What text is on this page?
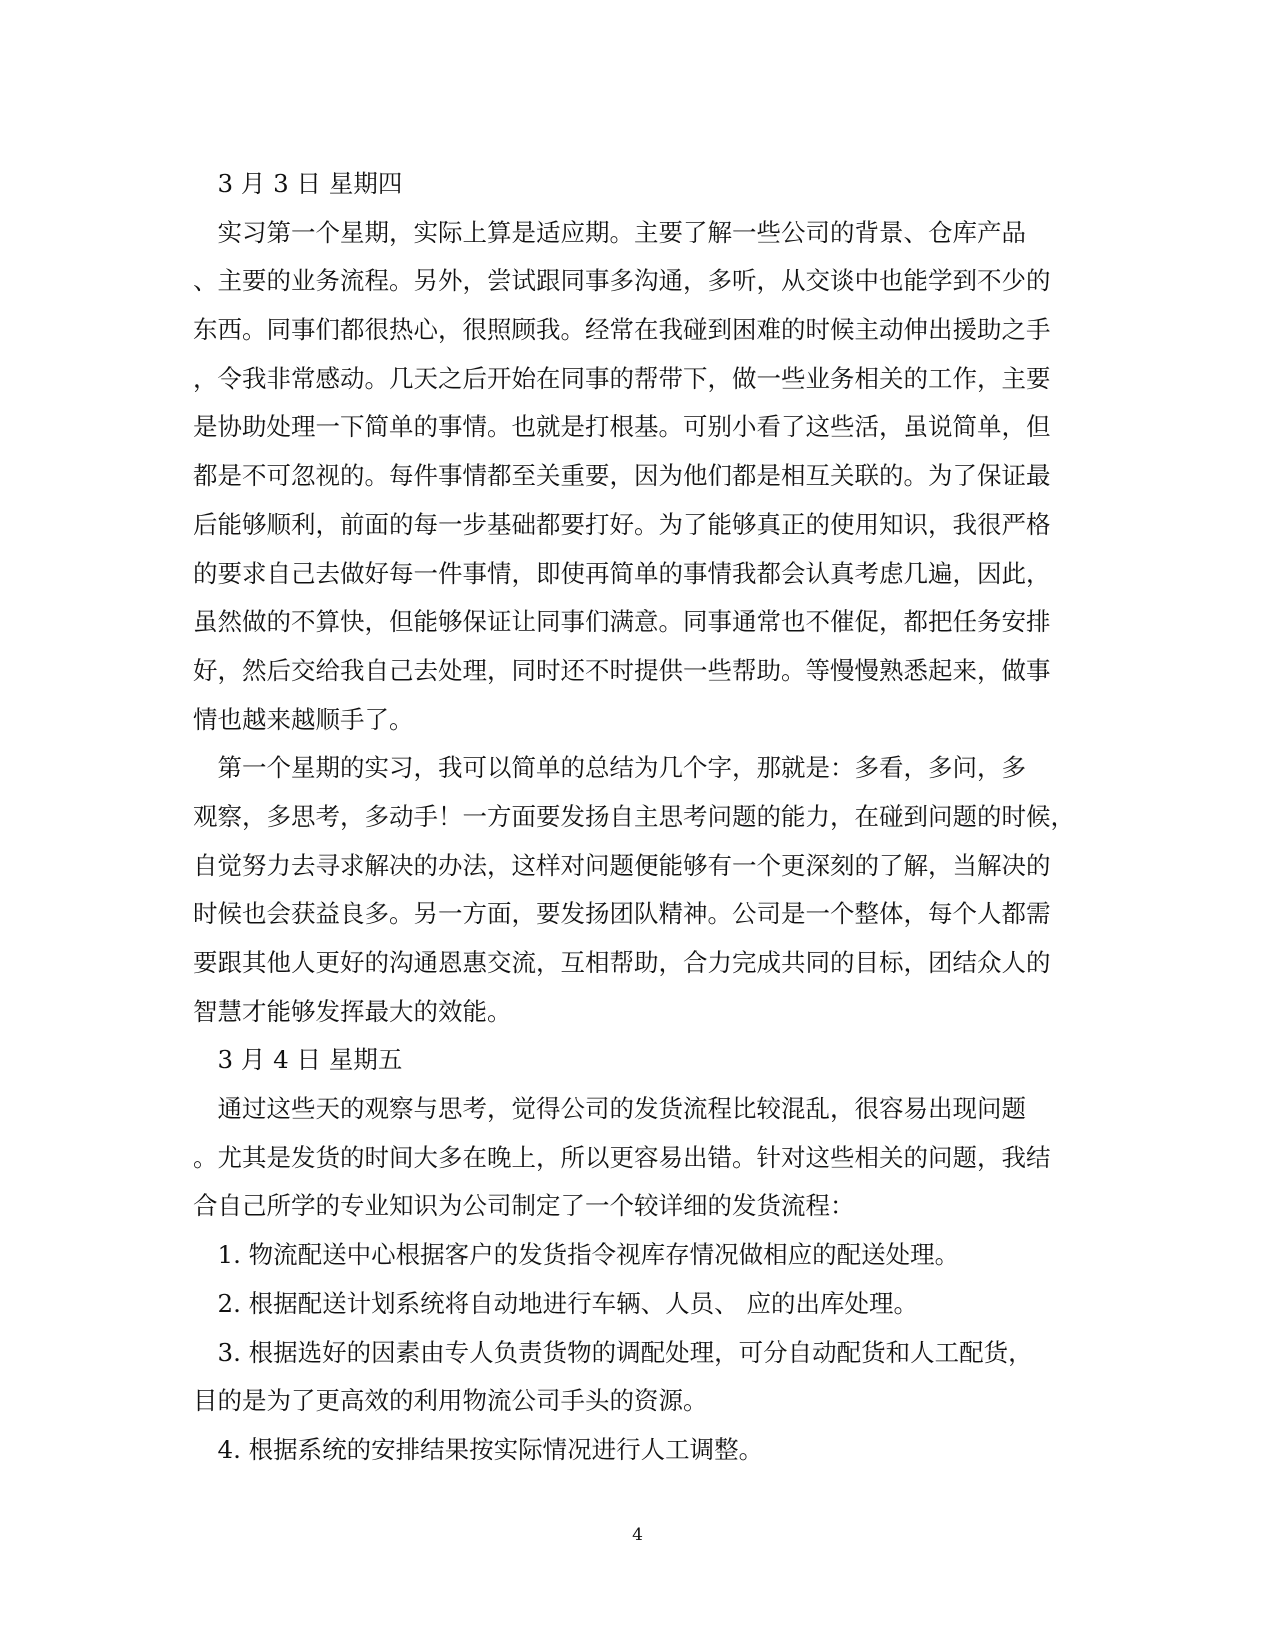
　3 月 3 日 星期四
　实习第一个星期，实际上算是适应期。主要了解一些公司的背景、仓库产品
、主要的业务流程。另外，尝试跟同事多沟通，多听，从交谈中也能学到不少的
东西。同事们都很热心，很照顾我。经常在我碰到困难的时候主动伸出援助之手
，令我非常感动。几天之后开始在同事的帮带下，做一些业务相关的工作，主要
是协助处理一下简单的事情。也就是打根基。可别小看了这些活，虽说简单，但
都是不可忽视的。每件事情都至关重要，因为他们都是相互关联的。为了保证最
后能够顺利，前面的每一步基础都要打好。为了能够真正的使用知识，我很严格
的要求自己去做好每一件事情，即使再简单的事情我都会认真考虑几遍，因此，
虽然做的不算快，但能够保证让同事们满意。同事通常也不催促，都把任务安排
好，然后交给我自己去处理，同时还不时提供一些帮助。等慢慢熟悉起来，做事
情也越来越顺手了。
　第一个星期的实习，我可以简单的总结为几个字，那就是：多看，多问，多
观察，多思考，多动手！一方面要发扬自主思考问题的能力，在碰到问题的时候，
自觉努力去寻求解决的办法，这样对问题便能够有一个更深刻的了解，当解决的
时候也会获益良多。另一方面，要发扬团队精神。公司是一个整体，每个人都需
要跟其他人更好的沟通恩惠交流，互相帮助，合力完成共同的目标，团结众人的
智慧才能够发挥最大的效能。
　3 月 4 日 星期五
　通过这些天的观察与思考，觉得公司的发货流程比较混乱，很容易出现问题
。尤其是发货的时间大多在晚上，所以更容易出错。针对这些相关的问题，我结
合自己所学的专业知识为公司制定了一个较详细的发货流程：
　1. 物流配送中心根据客户的发货指令视库存情况做相应的配送处理。
　2. 根据配送计划系统将自动地进行车辆、人员、 应的出库处理。
　3. 根据选好的因素由专人负责货物的调配处理，可分自动配货和人工配货，
目的是为了更高效的利用物流公司手头的资源。
　4. 根据系统的安排结果按实际情况进行人工调整。
4
